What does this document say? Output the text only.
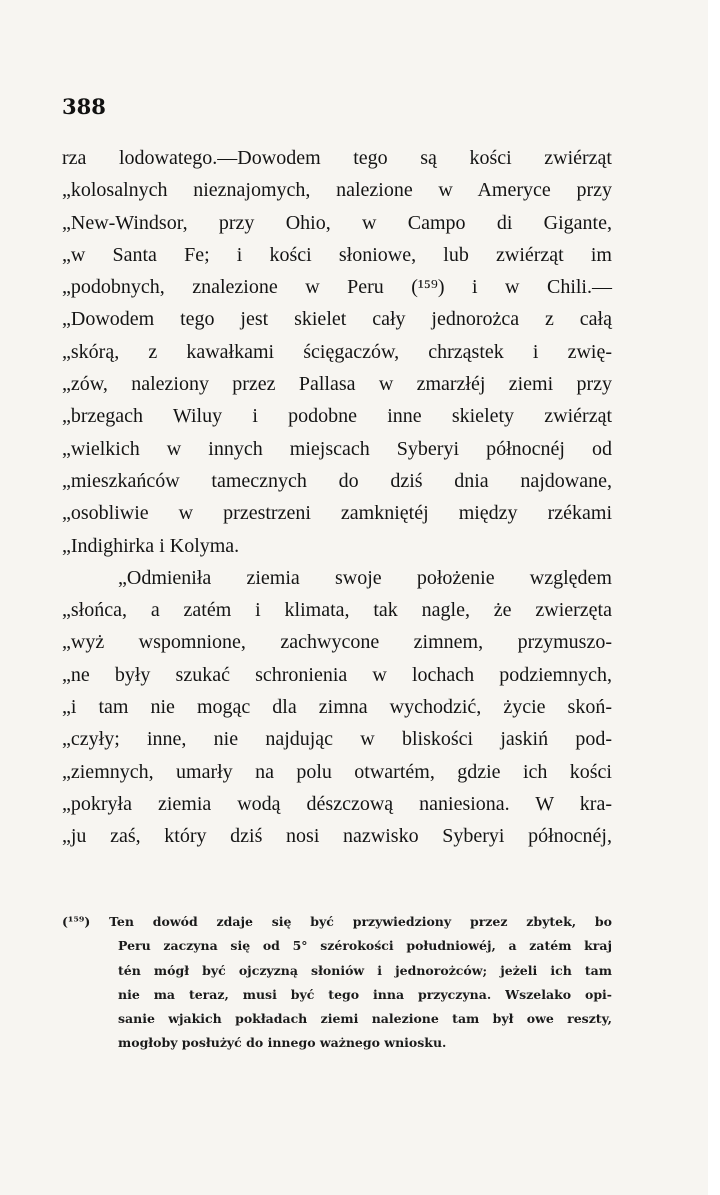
388
rza lodowatego.—Dowodem tego są kości zwiérząt
„kolosalnych nieznajomych, nalezione w Ameryce przy
„New-Windsor, przy Ohio, w Campo di Gigante,
„w Santa Fe; i kości słoniowe, lub zwiérząt im
„podobnych, znalezione w Peru (¹⁵⁹) i w Chili.—
„Dowodem tego jest skielet cały jednorożca z całą
„skórą, z kawałkami ścięgaczów, chrząstek i zwię-
„zów, naleziony przez Pallasa w zmarzłéj ziemi przy
„brzegach Wiluy i podobne inne skielety zwiérząt
„wielkich w innych miejscach Syberyi północnéj od
„mieszkańców tamecznych do dziś dnia najdowane,
„osobliwie w przestrzeni zamkniętéj między rzékami
„Indighirka i Kolyma.
„Odmieniła ziemia swoje położenie względem
„słońca, a zatém i klimata, tak nagle, że zwierzęta
„wyż wspomnione, zachwycone zimnem, przymuszo-
„ne były szukać schronienia w lochach podziemnych,
„i tam nie mogąc dla zimna wychodzić, życie skoń-
„czyły; inne, nie najdując w bliskości jaskiń pod-
„ziemnych, umarły na polu otwartém, gdzie ich kości
„pokryła ziemia wodą dészczową naniesiona. W kra-
„ju zaś, który dziś nosi nazwisko Syberyi północnéj,
(¹⁵⁹) Ten dowód zdaje się być przywiedziony przez zbytek, bo
Peru zaczyna się od 5° szérokości południowéj, a zatém kraj
tén mógł być ojczyzną słoniów i jednorożców; jeżeli ich tam
nie ma teraz, musi być tego inna przyczyna. Wszelako opi-
sanie wjakich pokładach ziemi nalezione tam był owe reszty,
mogłoby posłużyć do innego ważnego wniosku.
